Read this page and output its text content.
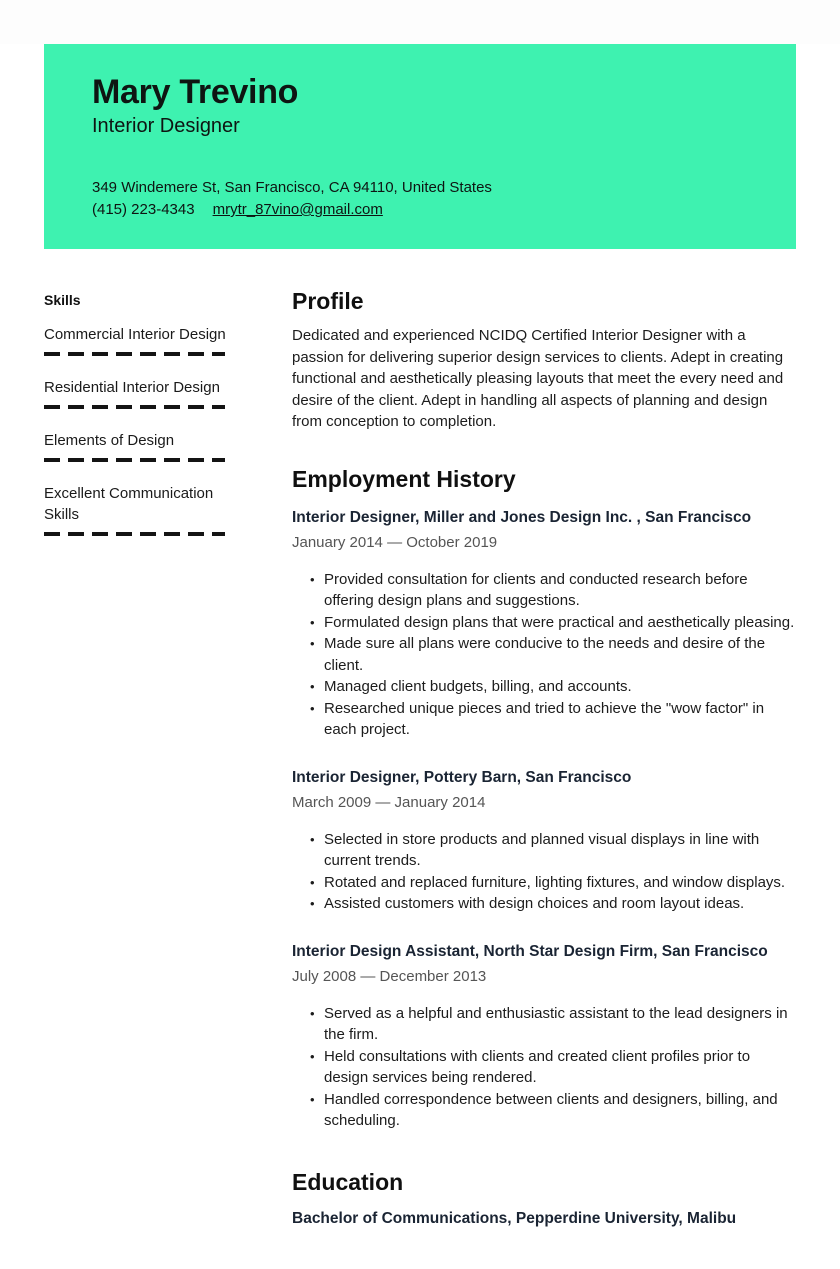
Mary Trevino
Interior Designer
349 Windemere St, San Francisco, CA 94110, United States
(415) 223-4343 mrytr_87vino@gmail.com
Skills
Commercial Interior Design
Residential Interior Design
Elements of Design
Excellent Communication Skills
Profile

Dedicated and experienced NCIDQ Certified Interior Designer with a passion for delivering superior design services to clients. Adept in creating functional and aesthetically pleasing layouts that meet the every need and desire of the client. Adept in handling all aspects of planning and design from conception to completion.

Employment History
Interior Designer, Miller and Jones Design Inc. , San Francisco
January 2014 — October 2019
• Provided consultation for clients and conducted research before offering design plans and suggestions.
• Formulated design plans that were practical and aesthetically pleasing.
• Made sure all plans were conducive to the needs and desire of the client.
• Managed client budgets, billing, and accounts.
• Researched unique pieces and tried to achieve the "wow factor" in each project.
Interior Designer, Pottery Barn, San Francisco
March 2009 — January 2014
• Selected in store products and planned visual displays in line with current trends.
• Rotated and replaced furniture, lighting fixtures, and window displays.
• Assisted customers with design choices and room layout ideas.
Interior Design Assistant, North Star Design Firm, San Francisco
July 2008 — December 2013
• Served as a helpful and enthusiastic assistant to the lead designers in the firm.
• Held consultations with clients and created client profiles prior to design services being rendered.
• Handled correspondence between clients and designers, billing, and scheduling.
Education
Bachelor of Communications, Pepperdine University, Malibu
